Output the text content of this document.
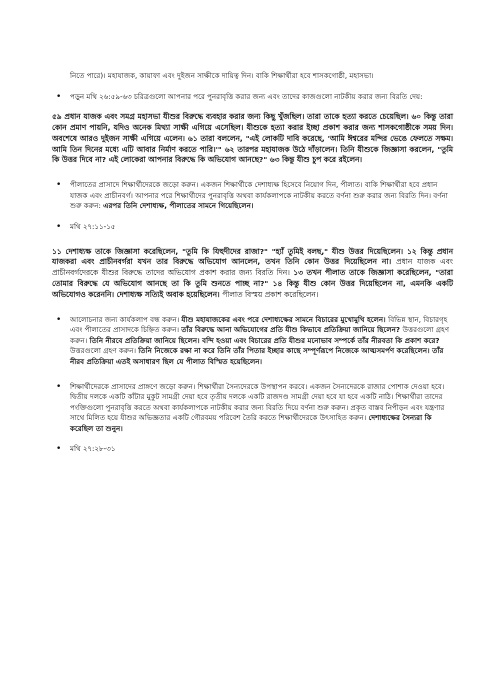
নিতে পারে)। মহাযাজক, কায়াফা এবং দুইজন সাক্ষীকে দায়িত্ব দিন। বাকি শিক্ষার্থীরা হবে শাসকগোষ্ঠী, মহাসভা।

• পড়ুন মথি ২৬:৫৯-৬৩ চরিত্রগুলো আপনার পরে পুনরাবৃত্তি করার জন্য এবং তাদের কাজগুলো নাটকীয় করার জন্য বিরতি দেয়:

৫৯ প্রধান যাজক এবং সমগ্র মহাসভা যীশুর বিরুদ্ধে ব্যবহার করার জন্য কিছু খুঁজছিল। তারা তাকে হত্যা করতে চেয়েছিল। ৬০ কিন্তু তারা কোন প্রমাণ পায়নি, যদিও অনেক মিথ্যা সাক্ষী এগিয়ে এসেছিল। যীশুকে হত্যা করার ইচ্ছা প্রকাশ করার জন্য শাসকগোষ্ঠীকে সময় দিন। অবশেষে আরও দুইজন সাক্ষী এগিয়ে এলেন। ৬১ তারা বললেন, "এই লোকটি দাবি করেছে, 'আমি ঈশ্বরের মন্দির ভেঙে ফেলতে সক্ষম। আমি তিন দিনের মধ্যে এটি আবার নির্মাণ করতে পারি।'" ৬২ তারপর মহাযাজক উঠে দাঁড়ালেন। তিনি যীশুকে জিজ্ঞাসা করলেন, "তুমি কি উত্তর দিবে না? এই লোকেরা আপনার বিরুদ্ধে কি অভিযোগ আনছে?" ৬৩ কিন্তু যীশু চুপ করে রইলেন।

• পীলাতের প্রাসাদে শিক্ষার্থীদেরকে জড়ো করুন। একজন শিক্ষার্থীকে দেশাধ্যক্ষ হিসেবে নিয়োগ দিন, পীলাত। বাকি শিক্ষার্থীরা হবে প্রধান যাজক এবং প্রাচীনবর্গ। আপনার পরে শিক্ষার্থীদের পুনরাবৃত্তি অথবা কার্যকলাপকে নাটকীয় করতে বর্ণনা শুরু করার জন্য বিরতি দিন। বর্ণনা শুরু করুন: এরপর তিনি দেশাধ্যক্ষ, পীলাতের সামনে গিয়েছিলেন।

• মথি ২৭:১১-১৫

১১ দেশাধ্যক্ষ তাকে জিজ্ঞাসা করেছিলেন, "তুমি কি যিহুদীদের রাজা?" "হ্যাঁ তুমিই বলছ," যীশু উত্তর দিয়েছিলেন। ১২ কিন্তু প্রধান যাজকরা এবং প্রাচীনবর্গরা যখন তার বিরুদ্ধে অভিযোগ আনলেন, তখন তিনি কোন উত্তর দিয়েছিলেন না। প্রধান যাজক এবং প্রাচীনবর্গদেরকে যীশুর বিরুদ্ধে তাদের অভিযোগ প্রকাশ করার জন্য বিরতি দিন। ১৩ তখন পীলাত তাকে জিজ্ঞাসা করেছিলেন, "তারা তোমার বিরুদ্ধে যে অভিযোগ আনছে তা কি তুমি শুনতে পাচ্ছ না?" ১৪ কিন্তু যীশু কোন উত্তর দিয়েছিলেন না, এমনকি একটি অভিযোগও করেননি। দেশাধ্যক্ষ সত্যিই অবাক হয়েছিলেন। পীলাত বিস্ময় প্রকাশ করেছিলেন।

• আলোচনার জন্য কার্যকলাপ বন্ধ করুন। যীশু মহাযাজকের এবং পরে দেশাধ্যক্ষের সামনে বিচারের মুখোমুখি হলেন। বিভিন্ন স্থান, বিচারগৃহ এবং পীলাতের প্রাসাদকে চিহ্নিত করুন। তাঁর বিরুদ্ধে আনা অভিযোগের প্রতি যীশু কিভাবে প্রতিক্রিয়া জানিয়ে ছিলেন? উত্তরগুলো গ্রহণ করুন। তিনি নীরবে প্রতিক্রিয়া জানিয়ে ছিলেন। বন্দি হওয়া এবং বিচারের প্রতি যীশুর মনোভাব সম্পর্কে তাঁর নীরবতা কি প্রকাশ করে? উত্তরগুলো গ্রহণ করুন। তিনি নিজেকে রক্ষা না করে তিনি তাঁর পিতার ইচ্ছার কাছে সম্পূর্ণরূপে নিজেকে আত্মসমর্পণ করেছিলেন। তাঁর নীরব প্রতিক্রিয়া এতই অসাধারণ ছিল যে পীলাত বিস্মিত হয়েছিলেন।

• শিক্ষার্থীদেরকে প্রাসাদের প্রাঙ্গণে জড়ো করুন। শিক্ষার্থীরা সৈন্যদেরকে উপস্থাপন করবে। একজন সৈন্যদেরকে রাজার পোশাক দেওয়া হবে। দ্বিতীয় দলকে একটি কাঁটার মুকুট সামগ্রী দেয়া হবে তৃতীয় দলকে একটি রাজদণ্ড সামগ্রী দেয়া হবে যা হবে একটি নাঠি। শিক্ষার্থীরা তাদের পংক্তিগুলো পুনরাবৃত্তি করতে অথবা কার্যকলাপকে নাটকীয় করার জন্য বিরতি দিয়ে বর্ণনা শুরু করুন। প্রকৃত বাস্তব নিপীড়ন এবং যন্ত্রণার সাথে মিলিত হয়ে যীশুর অভিজ্ঞতার একটি গৌরবময় পরিবেশ তৈরি করতে শিক্ষার্থীদেরকে উৎসাহিত করুন। দেশাধ্যক্ষের সৈন্যরা কি করেছিল তা শুনুন।

• মথি ২৭:২৮-৩১
